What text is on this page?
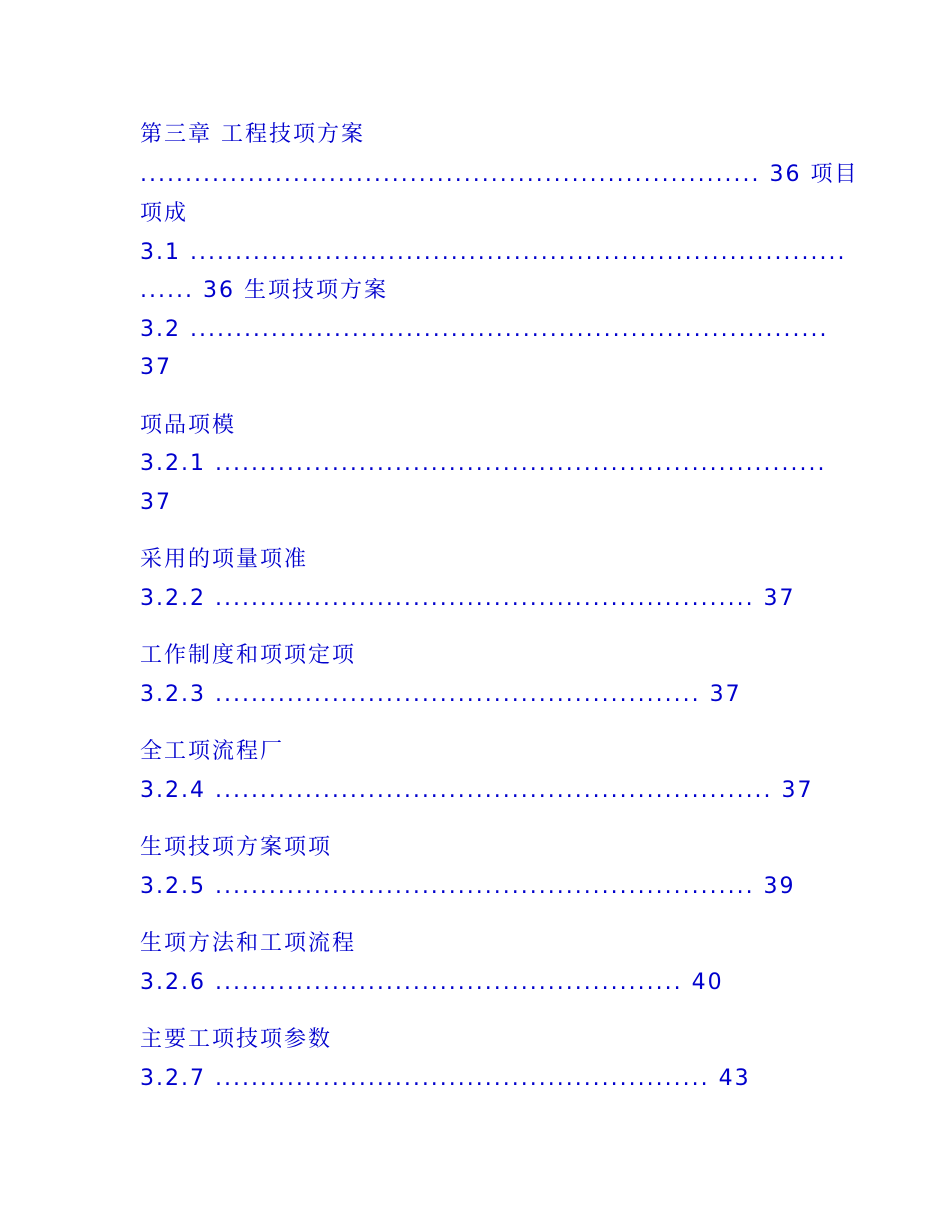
第三章 工程技项方案
..................................................................... 36 项目
项成
3.1 .........................................................................
...... 36 生项技项方案
3.2 .......................................................................
37
项品项模
3.2.1 ....................................................................
37
采用的项量项准
3.2.2 ............................................................ 37
工作制度和项项定项
3.2.3 ...................................................... 37
全工项流程厂
3.2.4 .............................................................. 37
生项技项方案项项
3.2.5 ............................................................ 39
生项方法和工项流程
3.2.6 .................................................... 40
主要工项技项参数
3.2.7 ....................................................... 43
